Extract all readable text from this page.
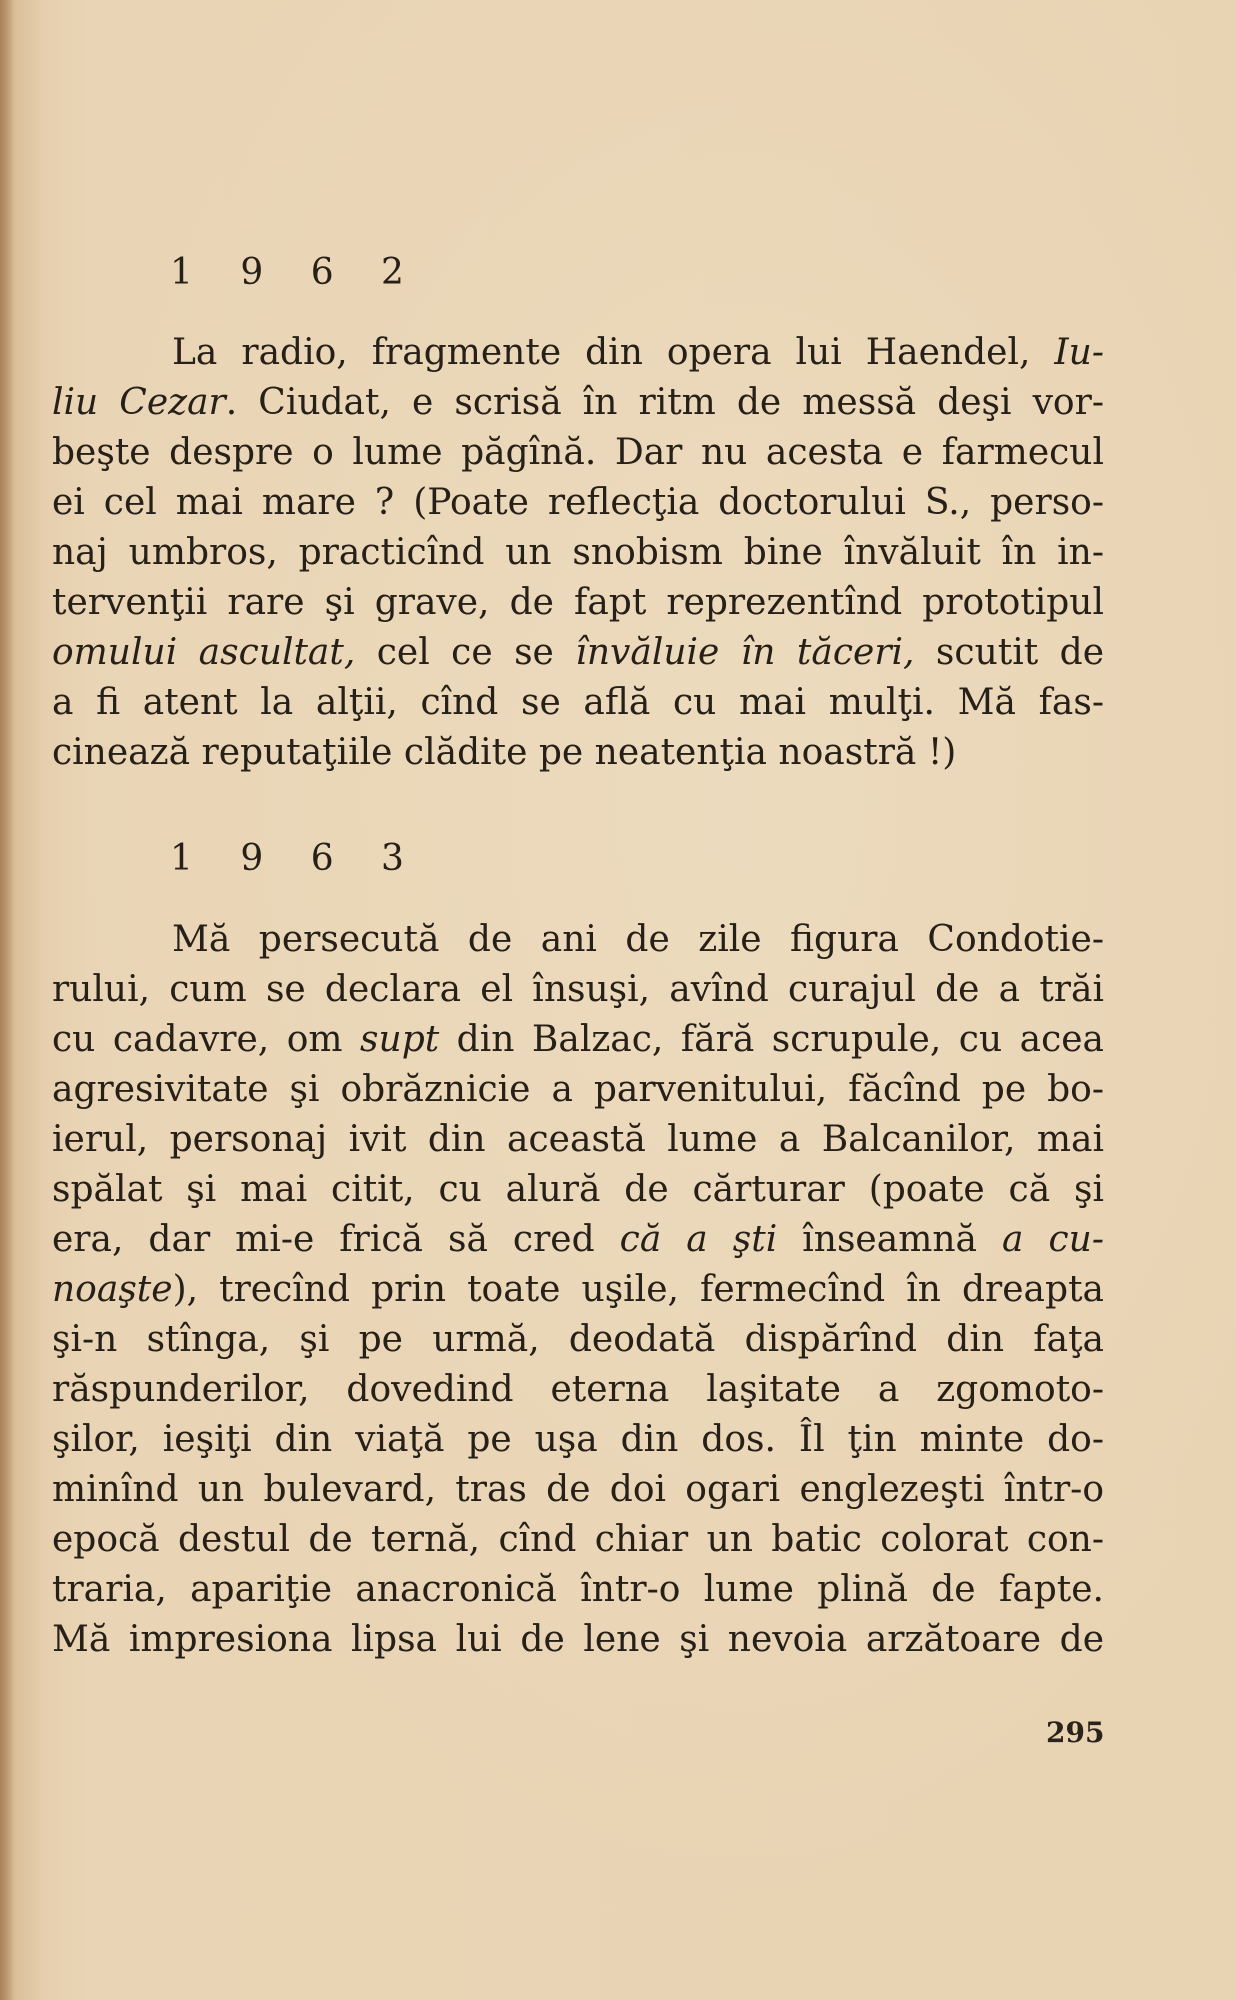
1 9 6 2
La radio, fragmente din opera lui Haendel, Iu-
liu Cezar. Ciudat, e scrisă în ritm de messă deşi vor-
beşte despre o lume păgînă. Dar nu acesta e farmecul
ei cel mai mare ? (Poate reflecţia doctorului S., perso-
naj umbros, practicînd un snobism bine învăluit în in-
tervenţii rare şi grave, de fapt reprezentînd prototipul
omului ascultat, cel ce se învăluie în tăceri, scutit de
a fi atent la alţii, cînd se află cu mai mulţi. Mă fas-
cinează reputaţiile clădite pe neatenţia noastră !)
1 9 6 3
Mă persecută de ani de zile figura Condotie-
rului, cum se declara el însuşi, avînd curajul de a trăi
cu cadavre, om supt din Balzac, fără scrupule, cu acea
agresivitate şi obrăznicie a parvenitului, făcînd pe bo-
ierul, personaj ivit din această lume a Balcanilor, mai
spălat şi mai citit, cu alură de cărturar (poate că şi
era, dar mi-e frică să cred că a şti înseamnă a cu-
noaşte), trecînd prin toate uşile, fermecînd în dreapta
şi-n stînga, şi pe urmă, deodată dispărînd din faţa
răspunderilor, dovedind eterna laşitate a zgomoto-
şilor, ieşiţi din viaţă pe uşa din dos. Îl ţin minte do-
minînd un bulevard, tras de doi ogari englezeşti într-o
epocă destul de ternă, cînd chiar un batic colorat con-
traria, apariţie anacronică într-o lume plină de fapte.
Mă impresiona lipsa lui de lene şi nevoia arzătoare de
295
